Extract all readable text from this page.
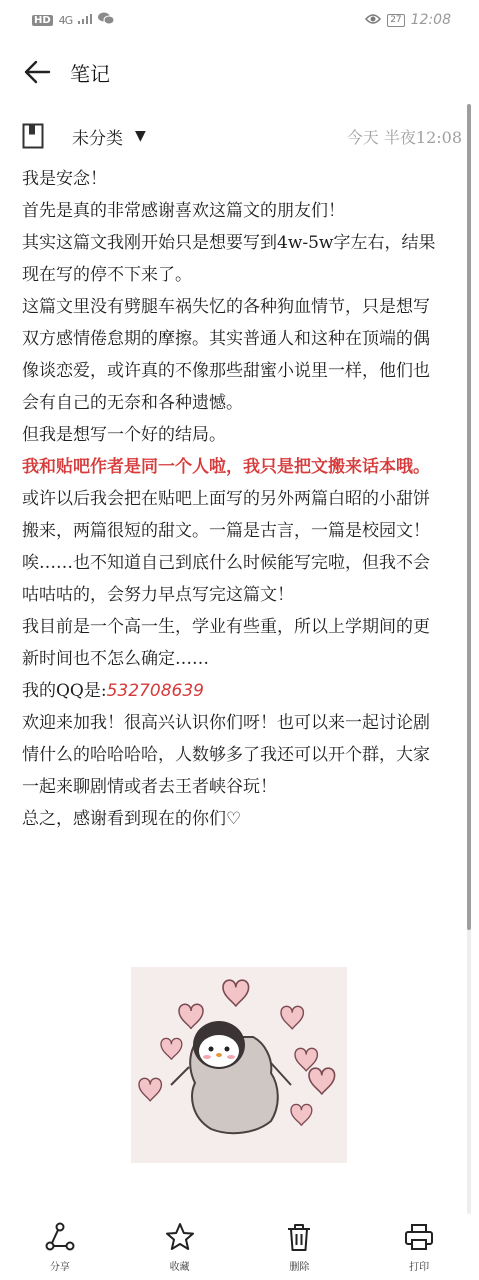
HD 4G	27 12:08
笔记
未分类 ▼	今天 半夜12:08

我是安念！

首先是真的非常感谢喜欢这篇文的朋友们！

其实这篇文我刚开始只是想要写到4w-5w字左右，结果现在写的停不下来了。

这篇文里没有劈腿车祸失忆的各种狗血情节，只是想写双方感情倦怠期的摩擦。其实普通人和这种在顶端的偶像谈恋爱，或许真的不像那些甜蜜小说里一样，他们也会有自己的无奈和各种遗憾。

但我是想写一个好的结局。

我和贴吧作者是同一个人啦，我只是把文搬来话本哦。

或许以后我会把在贴吧上面写的另外两篇白昭的小甜饼搬来，两篇很短的甜文。一篇是古言，一篇是校园文！

唉……也不知道自己到底什么时候能写完啦，但我不会咕咕咕的，会努力早点写完这篇文！

我目前是一个高一生，学业有些重，所以上学期间的更新时间也不怎么确定……

我的QQ是:532708639

欢迎来加我！很高兴认识你们呀！也可以来一起讨论剧情什么的哈哈哈哈，人数够多了我还可以开个群，大家一起来聊剧情或者去王者峡谷玩！

总之，感谢看到现在的你们♡

分享	收藏	删除	打印
